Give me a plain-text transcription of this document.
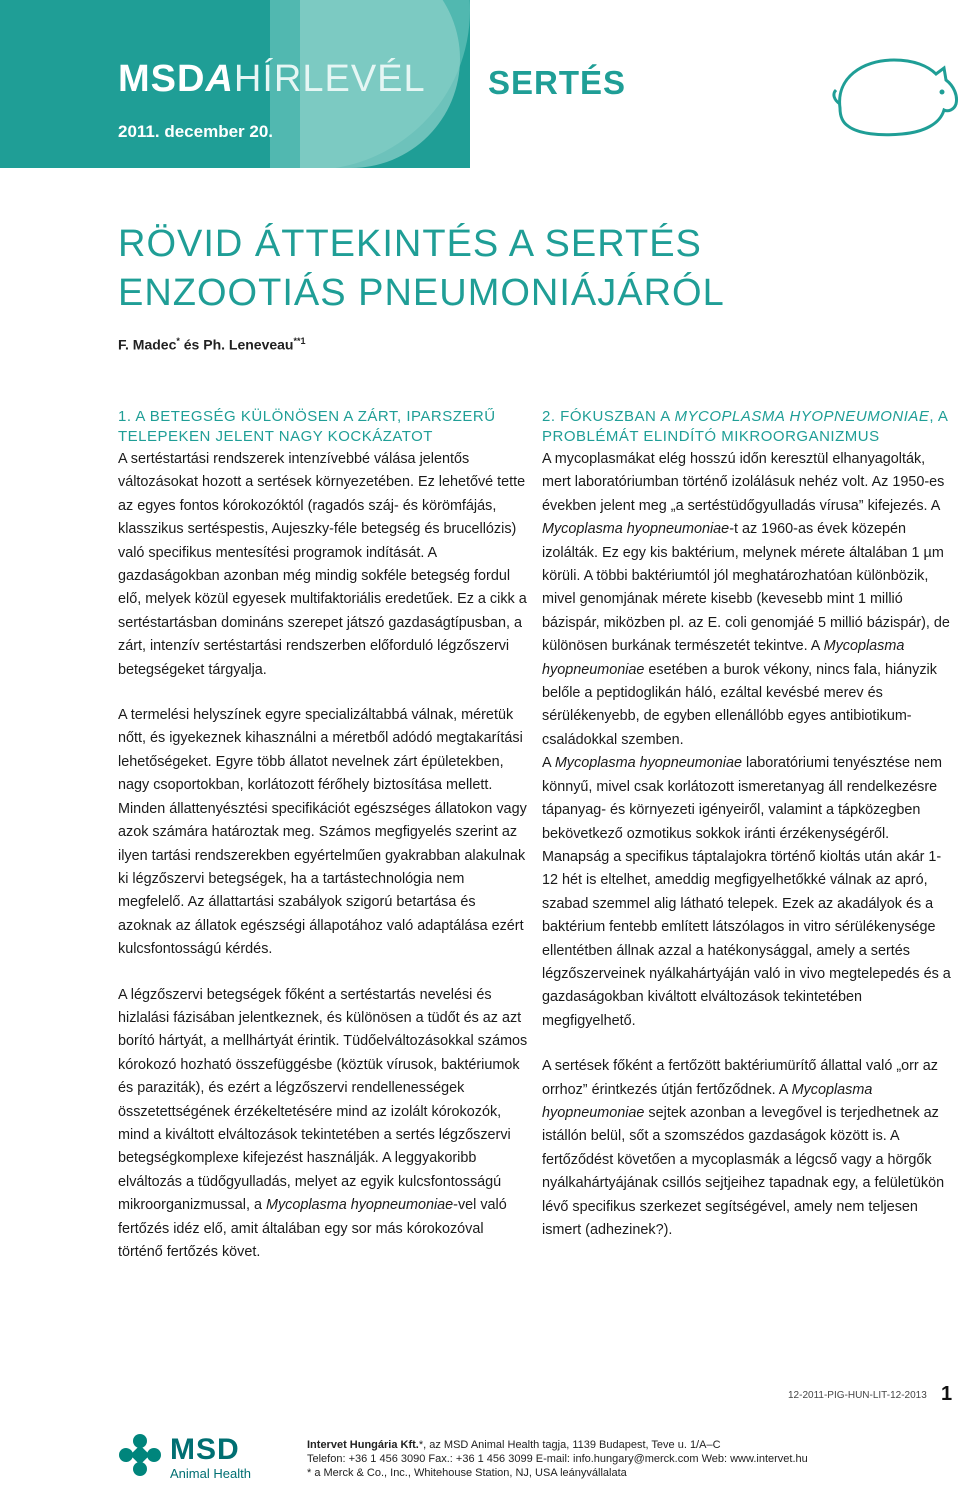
MSDAHÍRLEVÉL
2011. december 20.
SERTÉS
RÖVID ÁTTEKINTÉS A SERTÉS ENZOOTIÁS PNEUMONIÁJÁRÓL
F. Madec* és Ph. Leneveau$^{**1}$
1. A BETEGSÉG KÜLÖNÖSEN A ZÁRT, IPARSZERŰ TELEPEKEN JELENT NAGY KOCKÁZATOT

A sertéstartási rendszerek intenzívebbé válása jelentős változásokat hozott a sertések környezetében. Ez lehetővé tette az egyes fontos kórokozóktól (ragadós száj- és körömfájás, klasszikus sertéspestis, Aujeszky-féle betegség és brucellózis) való specifikus mentesítési programok indítását. A gazdaságokban azonban még mindig sokféle betegség fordul elő, melyek közül egyesek multifaktoriális eredetűek. Ez a cikk a sertéstartásban domináns szerepet játszó gazdaságtípusban, a zárt, intenzív sertéstartási rendszerben előforduló légzőszervi betegségeket tárgyalja.

A termelési helyszínek egyre specializáltabbá válnak, méretük nőtt, és igyekeznek kihasználni a méretből adódó megtakarítási lehetőségeket. Egyre több állatot nevelnek zárt épületekben, nagy csoportokban, korlátozott férőhely biztosítása mellett. Minden állattenyésztési specifikációt egészséges állatokon vagy azok számára határoztak meg. Számos megfigyelés szerint az ilyen tartási rendszerekben egyértelműen gyakrabban alakulnak ki légzőszervi betegségek, ha a tartástechnológia nem megfelelő. Az állattartási szabályok szigorú betartása és azoknak az állatok egészségi állapotához való adaptálása ezért kulcsfontosságú kérdés.

A légzőszervi betegségek főként a sertéstartás nevelési és hizlalási fázisában jelentkeznek, és különösen a tüdőt és az azt borító hártyát, a mellhártyát érintik. Tüdőelváltozásokkal számos kórokozó hozható összefüggésbe (köztük vírusok, baktériumok és paraziták), és ezért a légzőszervi rendellenességek összetettségének érzékeltetésére mind az izolált kórokozók, mind a kiváltott elváltozások tekintetében a sertés légzőszervi betegségkomplexe kifejezést használják. A leggyakoribb elváltozás a tüdőgyulladás, melyet az egyik kulcsfontosságú mikroorganizmussal, a Mycoplasma hyopneumoniae-vel való fertőzés idéz elő, amit általában egy sor más kórokozóval történő fertőzés követ.

2. FÓKUSZBAN A MYCOPLASMA HYOPNEUMONIAE, A PROBLÉMÁT ELINDÍTÓ MIKROORGANIZMUS

A mycoplasmákat elég hosszú időn keresztül elhanyagolták, mert laboratóriumban történő izolálásuk nehéz volt. Az 1950-es években jelent meg „a sertéstüdőgyulladás vírusa” kifejezés. A Mycoplasma hyopneumoniae-t az 1960-as évek közepén izolálták. Ez egy kis baktérium, melynek mérete általában 1 µm körüli. A többi baktériumtól jól meghatározhatóan különbözik, mivel genomjának mérete kisebb (kevesebb mint 1 millió bázispár, miközben pl. az E. coli genomjáé 5 millió bázispár), de különösen burkának természetét tekintve. A Mycoplasma hyopneumoniae esetében a burok vékony, nincs fala, hiányzik belőle a peptidoglikán háló, ezáltal kevésbé merev és sérülékenyebb, de egyben ellenállóbb egyes antibiotikum-családokkal szemben.

A Mycoplasma hyopneumoniae laboratóriumi tenyésztése nem könnyű, mivel csak korlátozott ismeretanyag áll rendelkezésre tápanyag- és környezeti igényeiről, valamint a tápközegben bekövetkező ozmotikus sokkok iránti érzékenységéről. Manapság a specifikus táptalajokra történő kioltás után akár 1-12 hét is eltelhet, ameddig megfigyelhetőkké válnak az apró, szabad szemmel alig látható telepek. Ezek az akadályok és a baktérium fentebb említett látszólagos in vitro sérülékenysége ellentétben állnak azzal a hatékonysággal, amely a sertés légzőszerveinek nyálkahártyáján való in vivo megtelepedés és a gazdaságokban kiváltott elváltozások tekintetében megfigyelhető.

A sertések főként a fertőzött baktériumürítő állattal való „orr az orrhoz” érintkezés útján fertőződnek. A Mycoplasma hyopneumoniae sejtek azonban a levegővel is terjedhetnek az istállón belül, sőt a szomszédos gazdaságok között is. A fertőződést követően a mycoplasmák a légcső vagy a hörgők nyálkahártyájának csillós sejtjeihez tapadnak egy, a felületükön lévő specifikus szerkezet segítségével, amely nem teljesen ismert (adhezinek?).

12-2011-PIG-HUN-LIT-12-2013 1
MSD
Animal Health
Intervet Hungária Kft.*, az MSD Animal Health tagja, 1139 Budapest, Teve u. 1/A–C
Telefon: +36 1 456 3090 Fax.: +36 1 456 3099 E-mail: info.hungary@merck.com Web: www.intervet.hu
* a Merck & Co., Inc., Whitehouse Station, NJ, USA leányvállalata
